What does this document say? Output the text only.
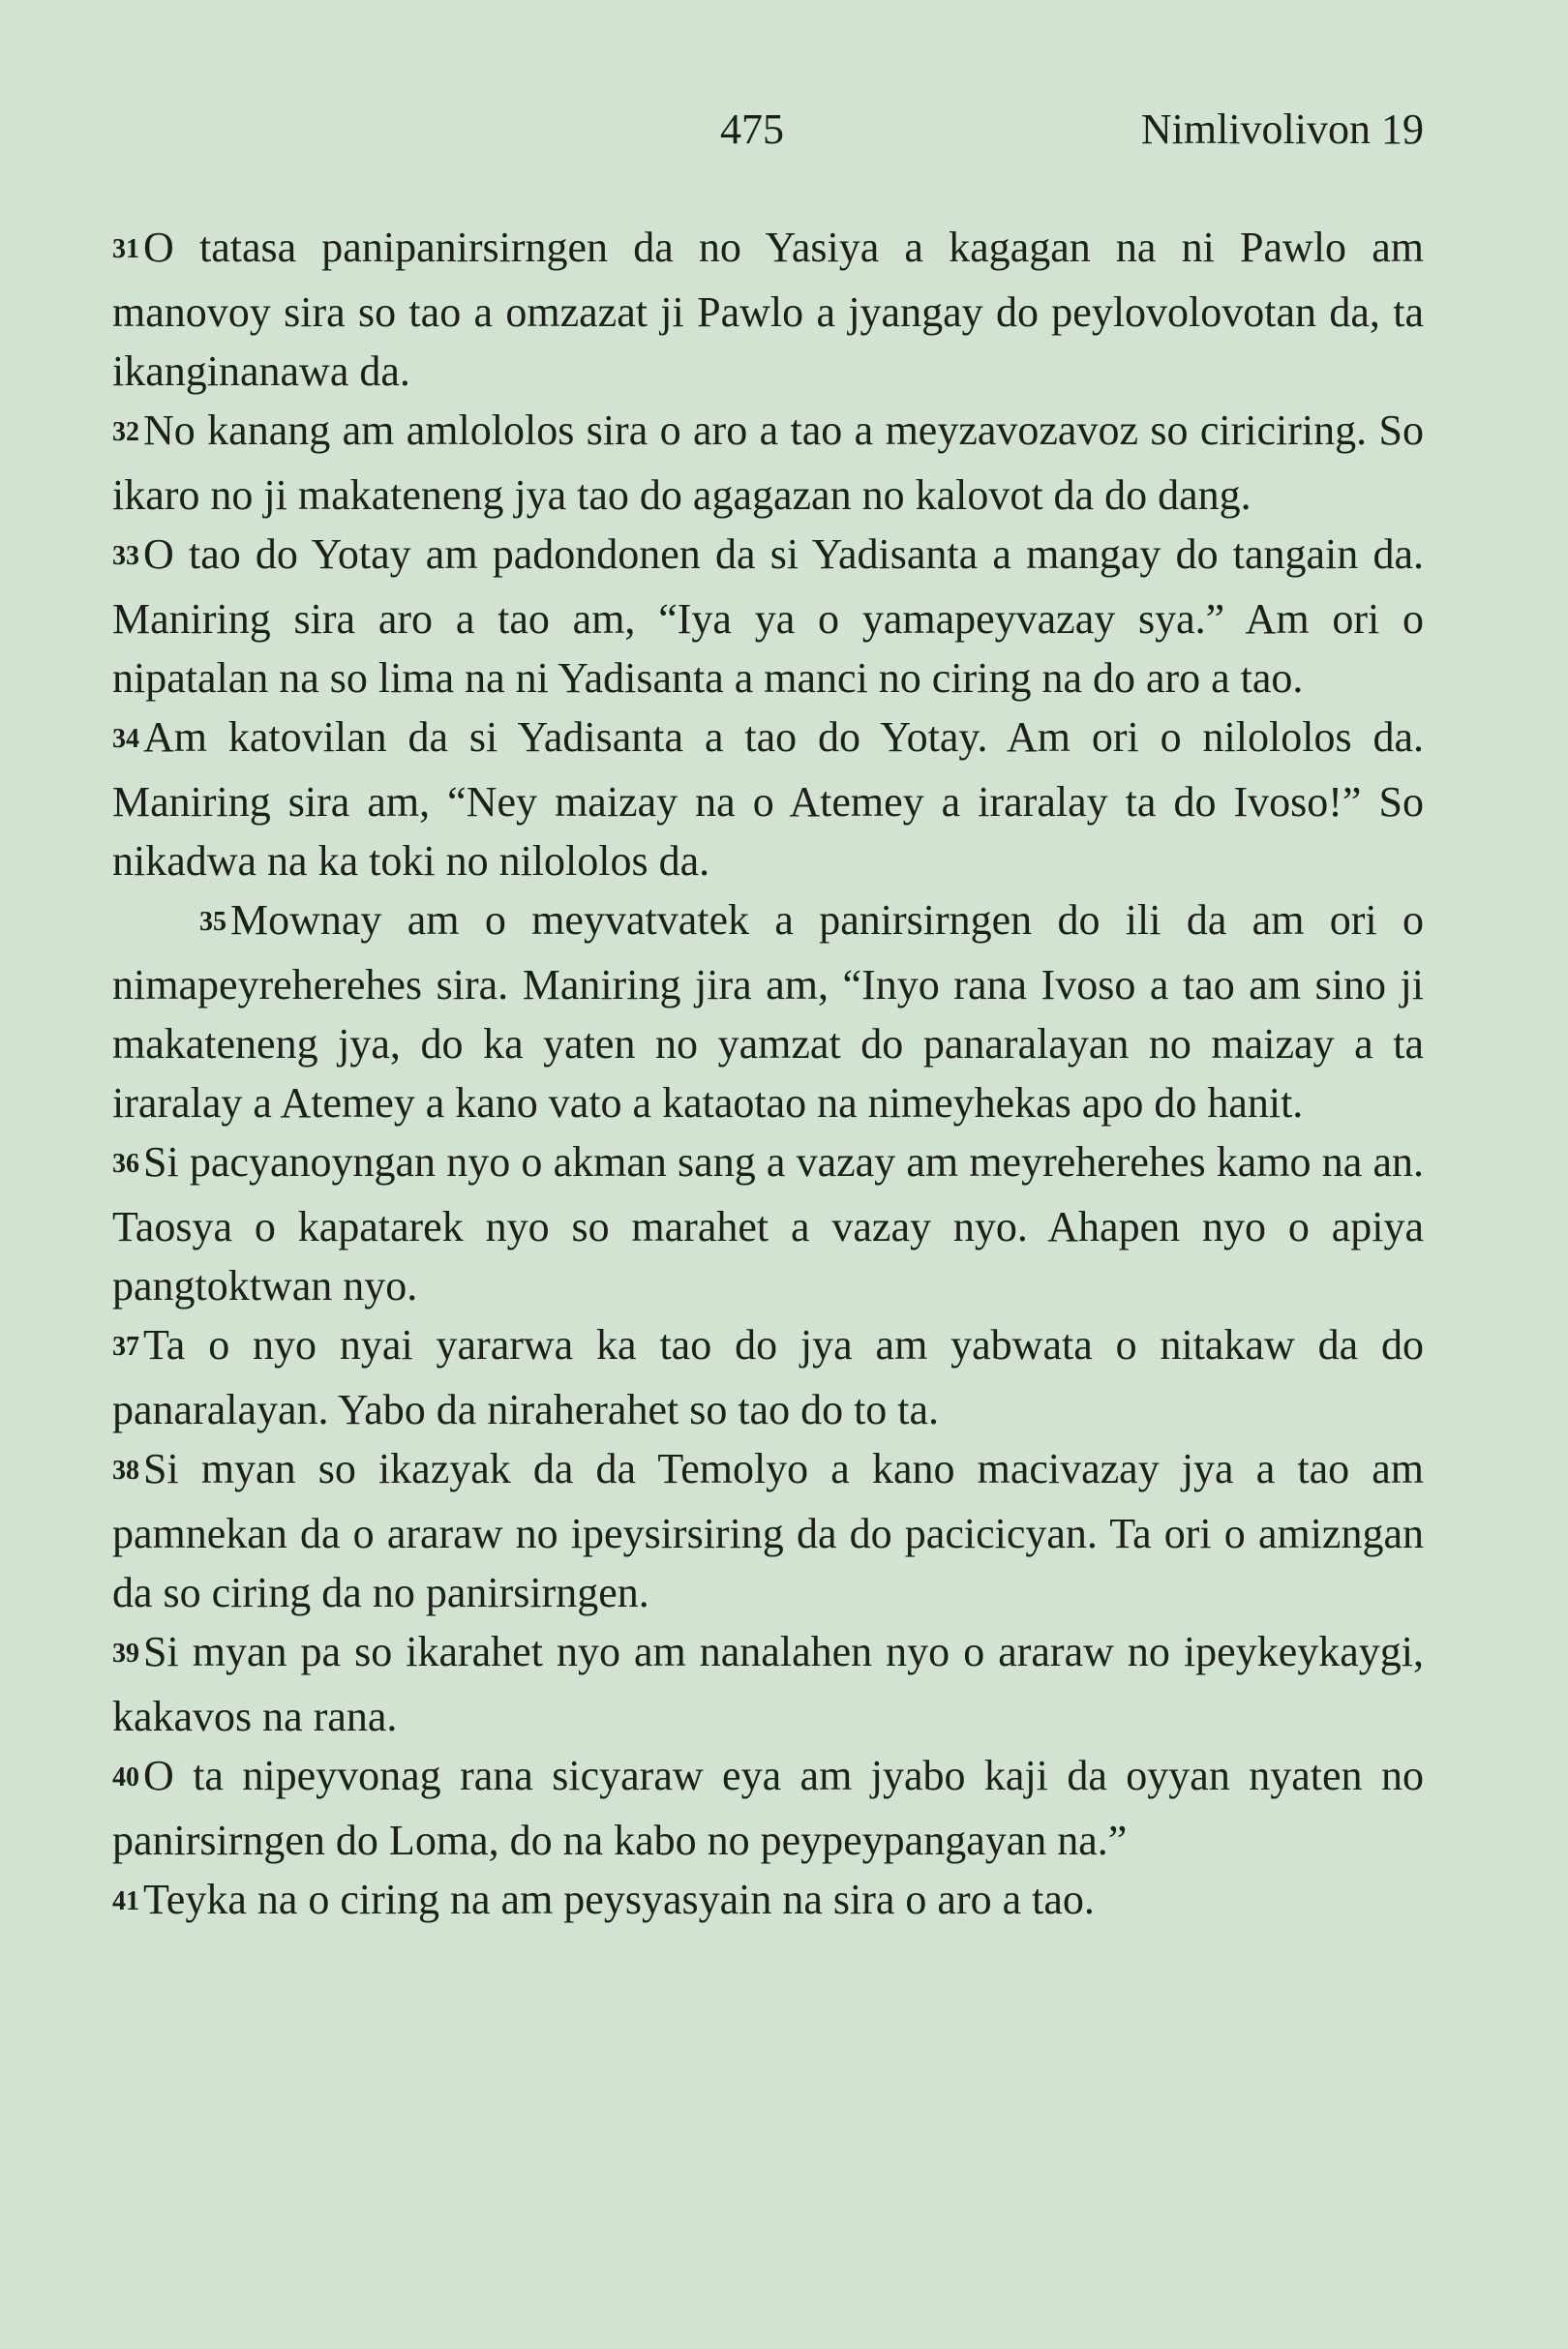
475	Nimlivolivon 19

31O tatasa panipanirsirngen da no Yasiya a kagagan na ni Pawlo am manovoy sira so tao a omzazat ji Pawlo a jyangay do peylovolovotan da, ta ikanginanawa da.

32No kanang am amlololos sira o aro a tao a meyzavozavoz so ciriciring. So ikaro no ji makateneng jya tao do agagazan no kalovot da do dang.

33O tao do Yotay am padondonen da si Yadisanta a mangay do tangain da. Maniring sira aro a tao am, “Iya ya o yamapeyvazay sya.” Am ori o nipatalan na so lima na ni Yadisanta a manci no ciring na do aro a tao.

34Am katovilan da si Yadisanta a tao do Yotay. Am ori o nilololos da. Maniring sira am, “Ney maizay na o Atemey a iraralay ta do Ivoso!” So nikadwa na ka toki no nilololos da.

35Mownay am o meyvatvatek a panirsirngen do ili da am ori o nimapeyreherehes sira. Maniring jira am, “Inyo rana Ivoso a tao am sino ji makateneng jya, do ka yaten no yamzat do panaralayan no maizay a ta iraralay a Atemey a kano vato a kataotao na nimeyhekas apo do hanit.

36Si pacyanoyngan nyo o akman sang a vazay am meyreherehes kamo na an. Taosya o kapatarek nyo so marahet a vazay nyo. Ahapen nyo o apiya pangtoktwan nyo.

37Ta o nyo nyai yararwa ka tao do jya am yabwata o nitakaw da do panaralayan. Yabo da niraherahet so tao do to ta.

38Si myan so ikazyak da da Temolyo a kano macivazay jya a tao am pamnekan da o araraw no ipeysirsiring da do pacicicyan. Ta ori o amizngan da so ciring da no panirsirngen.

39Si myan pa so ikarahet nyo am nanalahen nyo o araraw no ipeykeykaygi, kakavos na rana.

40O ta nipeyvonag rana sicyaraw eya am jyabo kaji da oyyan nyaten no panirsirngen do Loma, do na kabo no peypeypangayan na.”

41Teyka na o ciring na am peysyasyain na sira o aro a tao.
